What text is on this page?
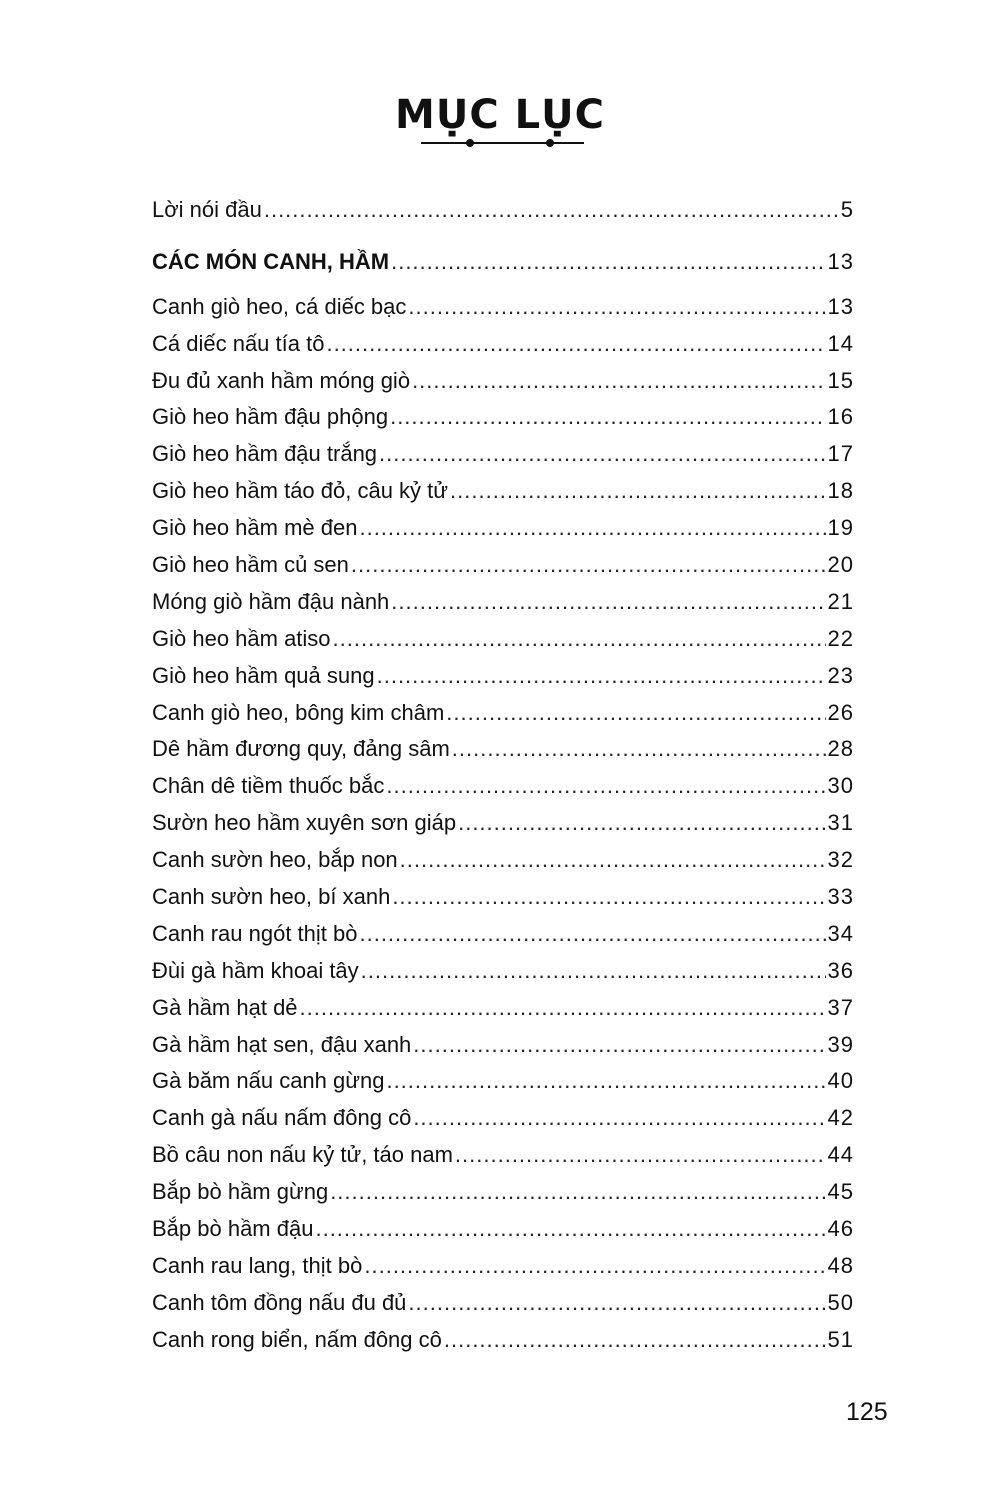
MỤC LỤC
Lời nói đầu .....	5
CÁC MÓN CANH, HẦM .....	13
Canh giò heo, cá diếc bạc .....	13
Cá diếc nấu tía tô .....	14
Đu đủ xanh hầm móng giò .....	15
Giò heo hầm đậu phộng .....	16
Giò heo hầm đậu trắng .....	17
Giò heo hầm táo đỏ, câu kỷ tử .....	18
Giò heo hầm mè đen .....	19
Giò heo hầm củ sen .....	20
Móng giò hầm đậu nành .....	21
Giò heo hầm atiso .....	22
Giò heo hầm quả sung .....	23
Canh giò heo, bông kim châm .....	26
Dê hầm đương quy, đảng sâm .....	28
Chân dê tiềm thuốc bắc .....	30
Sườn heo hầm xuyên sơn giáp .....	31
Canh sườn heo, bắp non .....	32
Canh sườn heo, bí xanh .....	33
Canh rau ngót thịt bò .....	34
Đùi gà hầm khoai tây .....	36
Gà hầm hạt dẻ .....	37
Gà hầm hạt sen, đậu xanh .....	39
Gà băm nấu canh gừng .....	40
Canh gà nấu nấm đông cô .....	42
Bồ câu non nấu kỷ tử, táo nam .....	44
Bắp bò hầm gừng .....	45
Bắp bò hầm đậu .....	46
Canh rau lang, thịt bò .....	48
Canh tôm đồng nấu đu đủ .....	50
Canh rong biển, nấm đông cô .....	51

125
